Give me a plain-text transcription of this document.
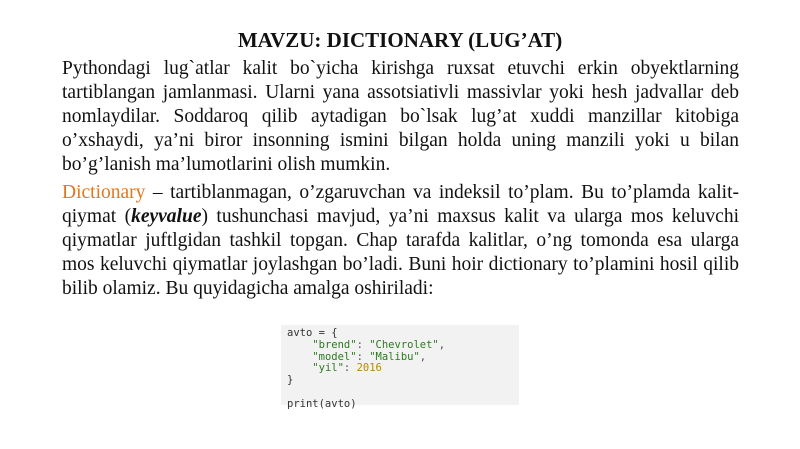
MAVZU: DICTIONARY (LUG’AT)

Pythondagi lug`atlar kalit bo`yicha kirishga ruxsat etuvchi erkin obyektlarning tartiblangan jamlanmasi. Ularni yana assotsiativli massivlar yoki hesh jadvallar deb nomlaydilar. Soddaroq qilib aytadigan bo`lsak lug’at xuddi manzillar kitobiga o’xshaydi, ya’ni biror insonning ismini bilgan holda uning manzili yoki u bilan bo’g’lanish ma’lumotlarini olish mumkin.

Dictionary – tartiblanmagan, o’zgaruvchan va indeksil to’plam. Bu to’plamda kalit-qiymat (keyvalue) tushunchasi mavjud, ya’ni maxsus kalit va ularga mos keluvchi qiymatlar juftlgidan tashkil topgan. Chap tarafda kalitlar, o’ng tomonda esa ularga mos keluvchi qiymatlar joylashgan bo’ladi. Buni hoir dictionary to’plamini hosil qilib bilib olamiz. Bu quyidagicha amalga oshiriladi:

avto = {
"brend": "Chevrolet",
"model": "Malibu",
"yil": 2016
}
print(avto)
